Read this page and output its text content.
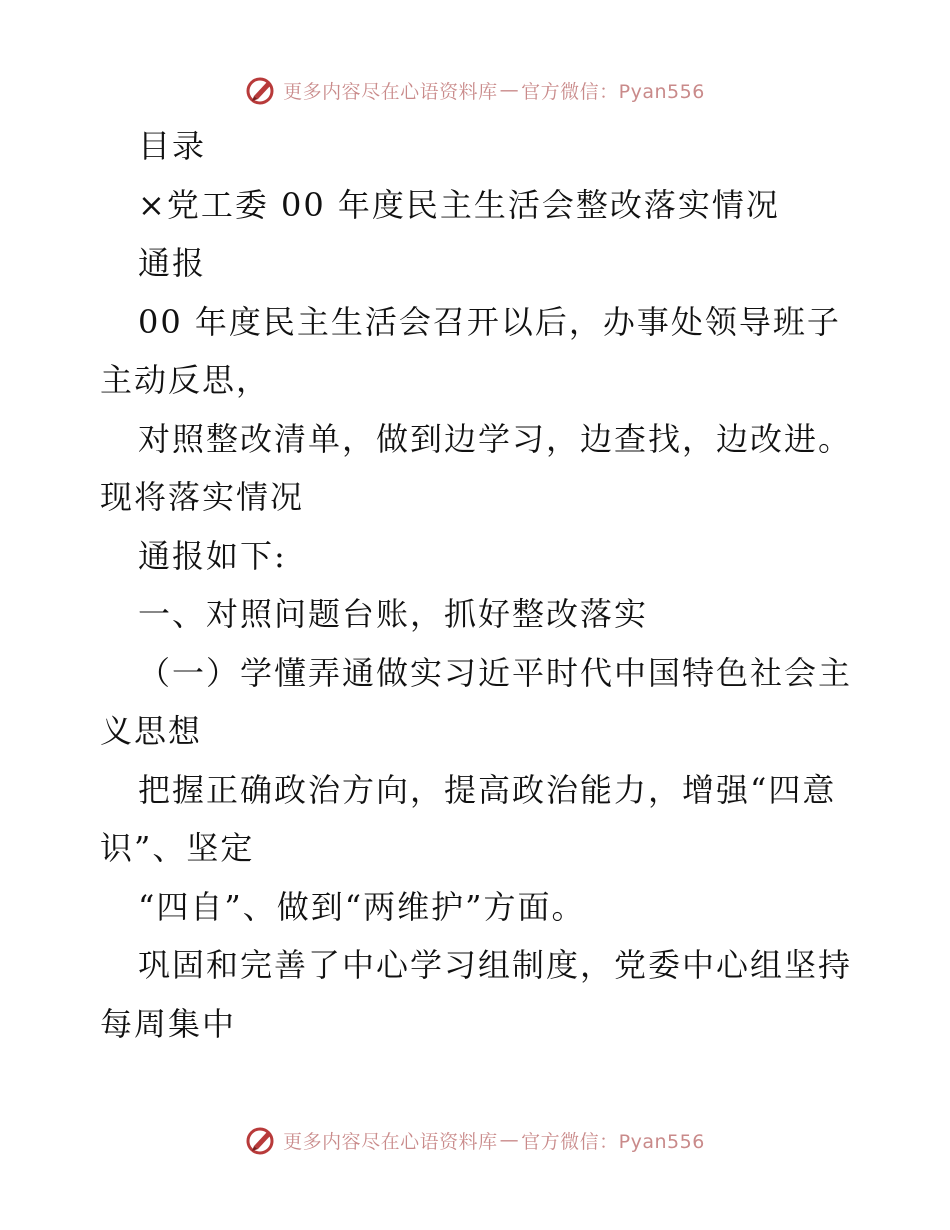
更多内容尽在心语资料库 — 官方微信：Pyan556
目录
×党工委 00 年度民主生活会整改落实情况
通报
00 年度民主生活会召开以后，办事处领导班子
主动反思，
对照整改清单，做到边学习，边查找，边改进。
现将落实情况
通报如下:
一、对照问题台账，抓好整改落实
（一）学懂弄通做实习近平时代中国特色社会主
义思想
把握正确政治方向，提高政治能力，增强“四意
识”、坚定
“四自”、做到“两维护”方面。
巩固和完善了中心学习组制度，党委中心组坚持
每周集中
更多内容尽在心语资料库 — 官方微信：Pyan556
